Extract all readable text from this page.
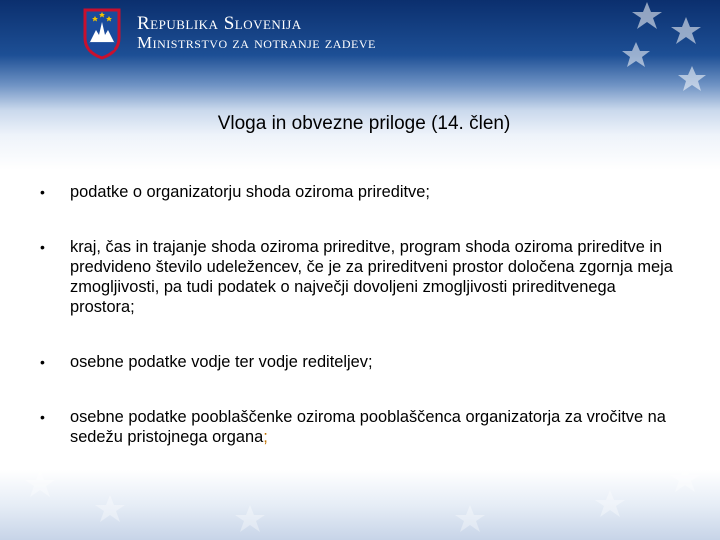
Republika Slovenija
Ministrstvo za notranje zadeve
Vloga in obvezne priloge (14. člen)
• podatke o organizatorju shoda oziroma prireditve;
• kraj, čas in trajanje shoda oziroma prireditve, program shoda oziroma prireditve in predvideno število udeležencev, če je za prireditveni prostor določena zgornja meja zmogljivosti, pa tudi podatek o največji dovoljeni zmogljivosti prireditvenega prostora;
• osebne podatke vodje ter vodje rediteljev;
• osebne podatke pooblaščenke oziroma pooblaščenca organizatorja za vročitve na sedežu pristojnega organa;
